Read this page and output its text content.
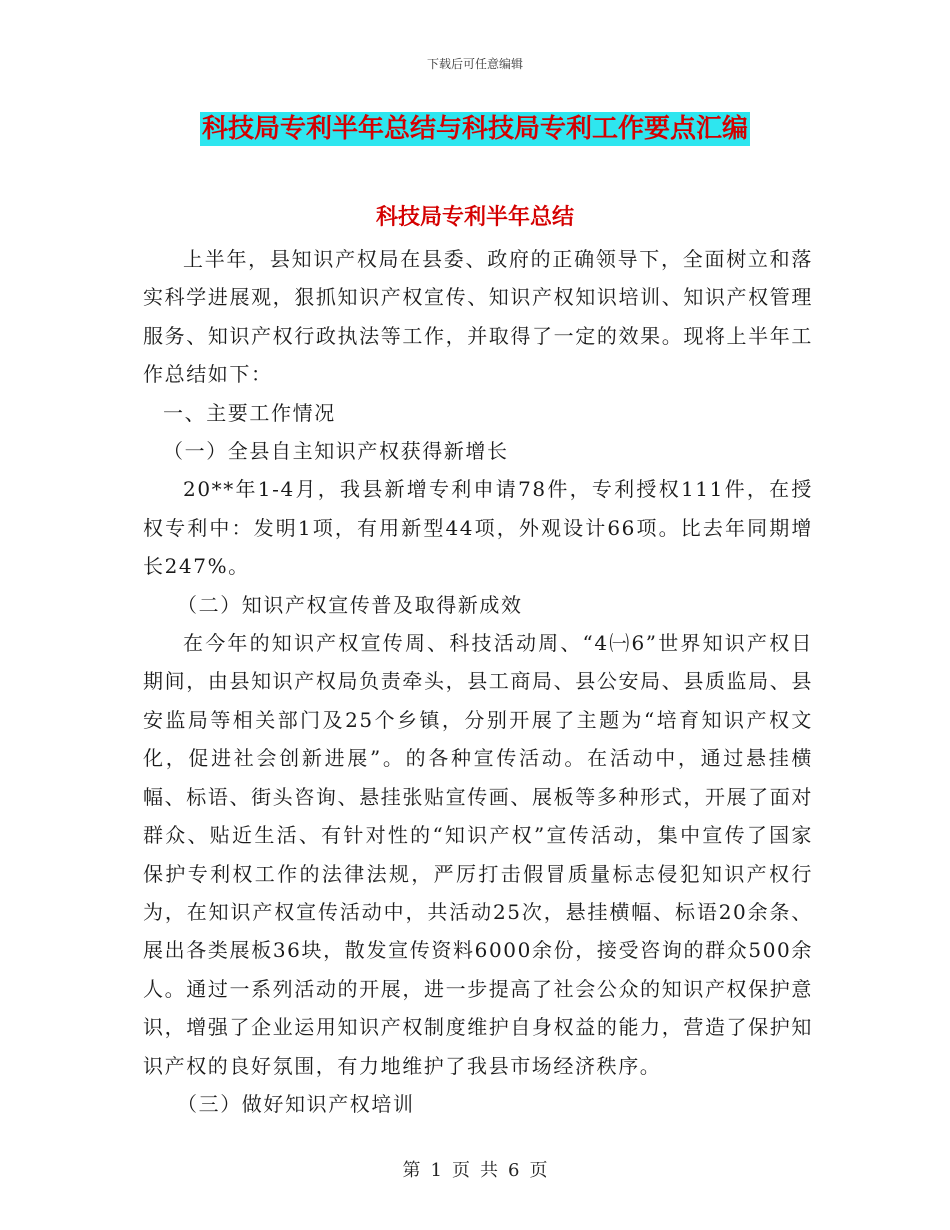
下载后可任意编辑
科技局专利半年总结与科技局专利工作要点汇编
科技局专利半年总结

上半年，县知识产权局在县委、政府的正确领导下，全面树立和落实科学进展观，狠抓知识产权宣传、知识产权知识培训、知识产权管理服务、知识产权行政执法等工作，并取得了一定的效果。现将上半年工作总结如下：

一、主要工作情况

（一）全县自主知识产权获得新增长

20**年1-4月，我县新增专利申请78件，专利授权111件，在授权专利中：发明1项，有用新型44项，外观设计66项。比去年同期增长247%。

（二）知识产权宣传普及取得新成效

在今年的知识产权宣传周、科技活动周、“4㈠6”世界知识产权日期间，由县知识产权局负责牵头，县工商局、县公安局、县质监局、县安监局等相关部门及25个乡镇，分别开展了主题为“培育知识产权文化，促进社会创新进展”。的各种宣传活动。在活动中，通过悬挂横幅、标语、街头咨询、悬挂张贴宣传画、展板等多种形式，开展了面对群众、贴近生活、有针对性的“知识产权”宣传活动，集中宣传了国家保护专利权工作的法律法规，严厉打击假冒质量标志侵犯知识产权行为，在知识产权宣传活动中，共活动25次，悬挂横幅、标语20余条、展出各类展板36块，散发宣传资料6000余份，接受咨询的群众500余人。通过一系列活动的开展，进一步提高了社会公众的知识产权保护意识，增强了企业运用知识产权制度维护自身权益的能力，营造了保护知识产权的良好氛围，有力地维护了我县市场经济秩序。

（三）做好知识产权培训

第 1 页 共 6 页
